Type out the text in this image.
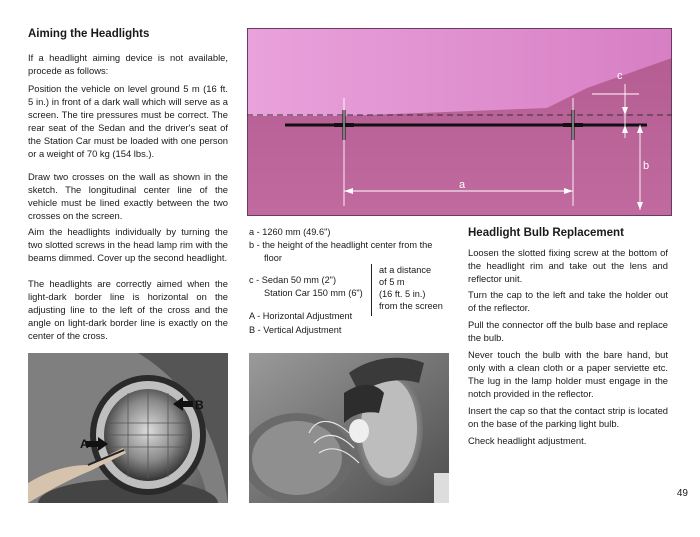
Aiming the Headlights

If a headlight aiming device is not available, procede as follows:

Position the vehicle on level ground 5 m (16 ft. 5 in.) in front of a dark wall which will serve as a screen. The tire pressures must be correct. The rear seat of the Sedan and the driver's seat of the Station Car must be loaded with one person or a weight of 70 kg (154 lbs.).

Draw two crosses on the wall as shown in the sketch. The longitudinal center line of the vehicle must be lined exactly between the two crosses on the screen.

Aim the headlights individually by turning the two slotted screws in the head lamp rim with the beams dimmed. Cover up the second headlight.

The headlights are correctly aimed when the light-dark border line is horizontal on the adjusting line to the left of the cross and the angle on light-dark border line is exactly on the center of the cross.

a
c
b
a - 1260 mm (49.6")
b - the height of the headlight center from the
floor
c - Sedan 50 mm (2")
Station Car 150 mm (6")
at a distance
of 5 m
(16 ft. 5 in.)
from the screen
A - Horizontal Adjustment
B - Vertical Adjustment
A
B
Headlight Bulb Replacement

Loosen the slotted fixing screw at the bottom of the headlight rim and take out the lens and reflector unit.

Turn the cap to the left and take the holder out of the reflector.

Pull the connector off the bulb base and replace the bulb.

Never touch the bulb with the bare hand, but only with a clean cloth or a paper serviette etc. The lug in the lamp holder must engage in the notch provided in the reflector.

Insert the cap so that the contact strip is located on the base of the parking light bulb.

Check headlight adjustment.

49
